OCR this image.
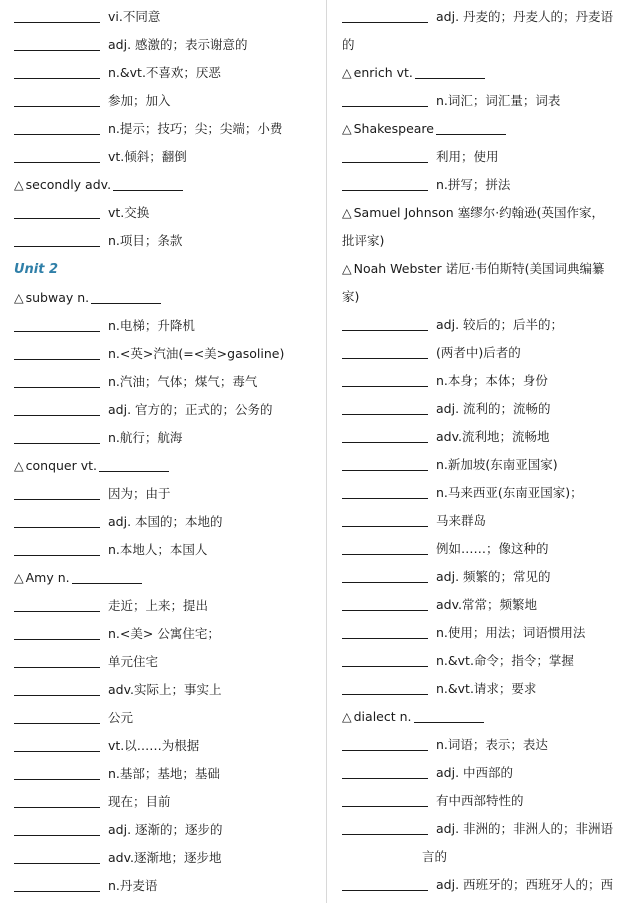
vi.不同意
adj. 感激的；表示谢意的
n.&vt.不喜欢；厌恶
参加；加入
n.提示；技巧；尖；尖端；小费
vt.倾斜；翻倒
△ secondly adv.
vt.交换
n.项目；条款
Unit 2
△ subway n.
n.电梯；升降机
n.<英>汽油(=<美>gasoline)
n.汽油；气体；煤气；毒气
adj. 官方的；正式的；公务的
n.航行；航海
△ conquer vt.
因为；由于
adj. 本国的；本地的
n.本地人；本国人
△ Amy n.
走近；上来；提出
n.<美> 公寓住宅；
单元住宅
adv.实际上；事实上
公元
vt.以……为根据
n.基部；基地；基础
现在；目前
adj. 逐渐的；逐步的
adv.逐渐地；逐步地
n.丹麦语
adj. 丹麦的；丹麦人的；丹麦语
的
△ enrich vt.
n.词汇；词汇量；词表
△ Shakespeare
利用；使用
n.拼写；拼法
△ Samuel Johnson 塞缪尔·约翰逊(英国作家，
批评家)
△ Noah Webster 诺厄·韦伯斯特(美国词典编纂
家)
adj. 较后的；后半的；
(两者中)后者的
n.本身；本体；身份
adj. 流利的；流畅的
adv.流利地；流畅地
n.新加坡(东南亚国家)
n.马来西亚(东南亚国家)；
马来群岛
例如……；像这种的
adj. 频繁的；常见的
adv.常常；频繁地
n.使用；用法；词语惯用法
n.&vt.命令；指令；掌握
n.&vt.请求；要求
△ dialect n.
n.词语；表示；表达
adj. 中西部的
有中西部特性的
adj. 非洲的；非洲人的；非洲语
言的
adj. 西班牙的；西班牙人的；西
